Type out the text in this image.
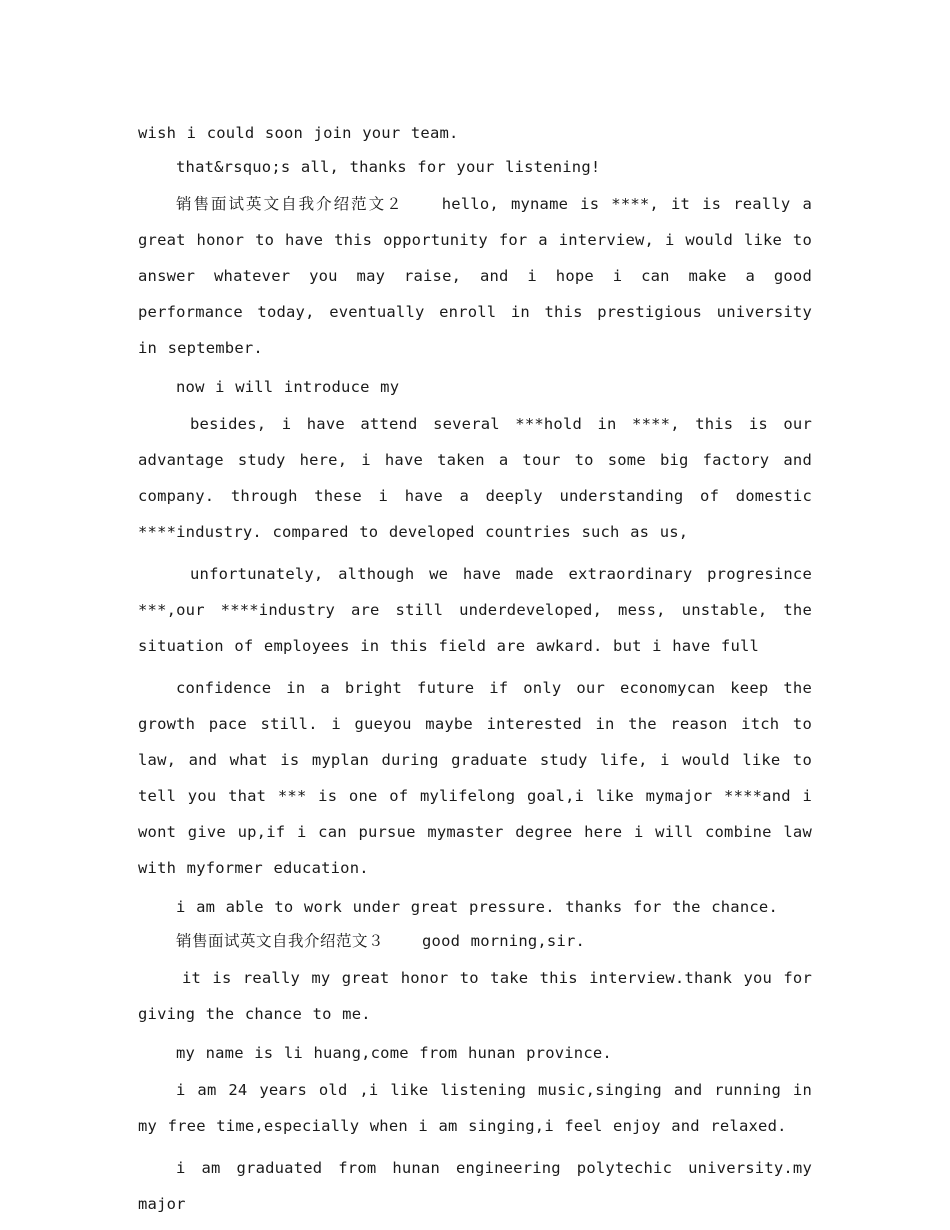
wish i could soon join your team.

that&rsquo;s all, thanks for your listening!

销售面试英文自我介绍范文２ hello, myname is ****, it is really a great honor to have this opportunity for a interview, i would like to answer whatever you may raise, and i hope i can make a good performance today, eventually enroll in this prestigious university in september.

now i will introduce my

besides, i have attend several ***hold in ****, this is our advantage study here, i have taken a tour to some big factory and company. through these i have a deeply understanding of domestic ****industry. compared to developed countries such as us,

unfortunately, although we have made extraordinary progresince ***,our ****industry are still underdeveloped, mess, unstable, the situation of employees in this field are awkard. but i have full

confidence in a bright future if only our economycan keep the growth pace still. i gueyou maybe interested in the reason itch to law, and what is myplan during graduate study life, i would like to tell you that *** is one of mylifelong goal,i like mymajor ****and i wont give up,if i can pursue mymaster degree here i will combine law with myformer education.

i am able to work under great pressure. thanks for the chance.

销售面试英文自我介绍范文３ good morning,sir.

it is really my great honor to take this interview.thank you for giving the chance to me.

my name is li huang,come from hunan province.

i am 24 years old ,i like listening music,singing and running in my free time,especially when i am singing,i feel enjoy and relaxed.

i am graduated from hunan engineering polytechic university.my major
